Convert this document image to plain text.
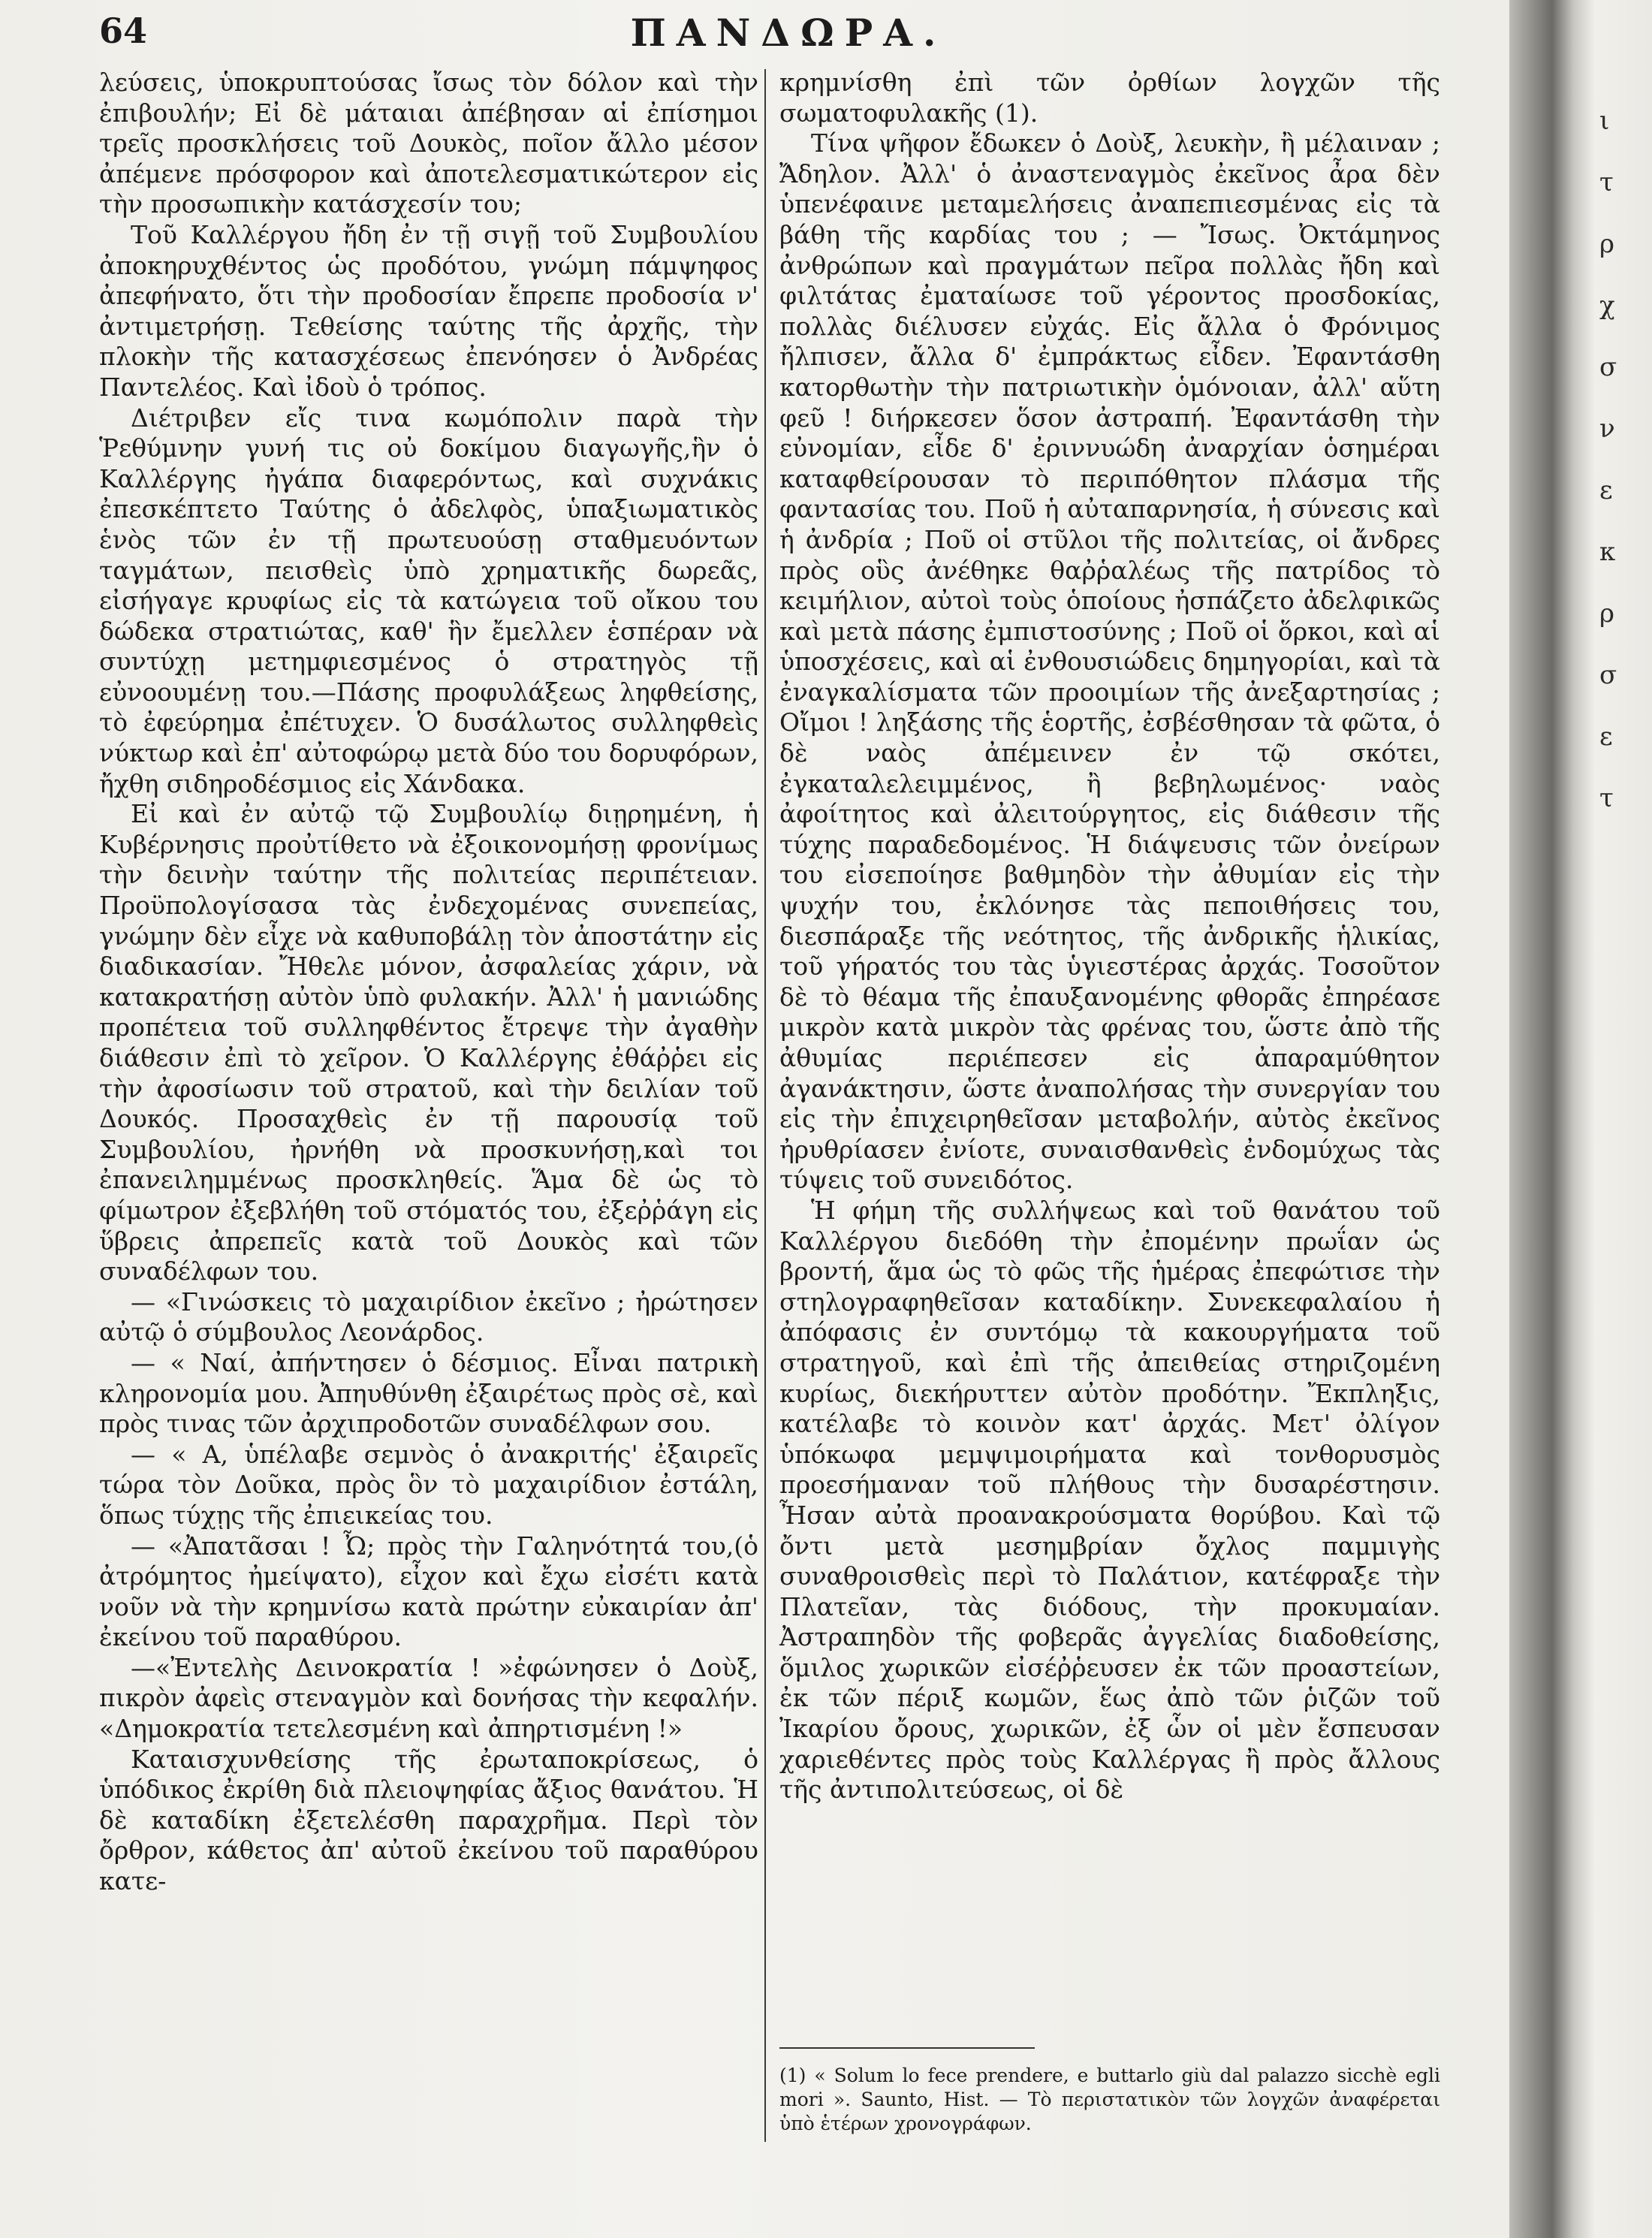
64	ΠΑΝΔΩΡΑ.

λεύσεις, ὑποκρυπτούσας ἴσως τὸν δόλον καὶ τὴν ἐπιβουλήν; Εἰ δὲ μάταιαι ἀπέβησαν αἱ ἐπίσημοι τρεῖς προσκλήσεις τοῦ Δουκὸς, ποῖον ἄλλο μέσον ἀπέμενε πρόσφορον καὶ ἀποτελεσματικώτερον εἰς τὴν προσωπικὴν κατάσχεσίν του;

Τοῦ Καλλέργου ἤδη ἐν τῇ σιγῇ τοῦ Συμβουλίου ἀποκηρυχθέντος ὡς προδότου, γνώμη πάμψηφος ἀπεφήνατο, ὅτι τὴν προδοσίαν ἔπρεπε προδοσία ν' ἀντιμετρήσῃ. Τεθείσης ταύτης τῆς ἀρχῆς, τὴν πλοκὴν τῆς κατασχέσεως ἐπενόησεν ὁ Ἀνδρέας Παντελέος. Καὶ ἰδοὺ ὁ τρόπος.

Διέτριβεν εἴς τινα κωμόπολιν παρὰ τὴν Ῥεθύμνην γυνή τις οὐ δοκίμου διαγωγῆς,ἣν ὁ Καλλέργης ἠγάπα διαφερόντως, καὶ συχνάκις ἐπεσκέπτετο Ταύτης ὁ ἀδελφὸς, ὑπαξιωματικὸς ἑνὸς τῶν ἐν τῇ πρωτευούσῃ σταθμευόντων ταγμάτων, πεισθεὶς ὑπὸ χρηματικῆς δωρεᾶς, εἰσήγαγε κρυφίως εἰς τὰ κατώγεια τοῦ οἴκου του δώδεκα στρατιώτας, καθ' ἣν ἔμελλεν ἑσπέραν νὰ συντύχῃ μετημφιεσμένος ὁ στρατηγὸς τῇ εὐνοουμένῃ του.—Πάσης προφυλάξεως ληφθείσης, τὸ ἐφεύρημα ἐπέτυχεν. Ὁ δυσάλωτος συλληφθεὶς νύκτωρ καὶ ἐπ' αὐτοφώρῳ μετὰ δύο του δορυφόρων, ἤχθη σιδηροδέσμιος εἰς Χάνδακα.

Εἰ καὶ ἐν αὐτῷ τῷ Συμβουλίῳ διῃρημένη, ἡ Κυβέρνησις προὐτίθετο νὰ ἐξοικονομήσῃ φρονίμως τὴν δεινὴν ταύτην τῆς πολιτείας περιπέτειαν. Προϋπολογίσασα τὰς ἐνδεχομένας συνεπείας, γνώμην δὲν εἶχε νὰ καθυποβάλῃ τὸν ἀποστάτην εἰς διαδικασίαν. Ἤθελε μόνον, ἀσφαλείας χάριν, νὰ κατακρατήσῃ αὐτὸν ὑπὸ φυλακήν. Ἀλλ' ἡ μανιώδης προπέτεια τοῦ συλληφθέντος ἔτρεψε τὴν ἀγαθὴν διάθεσιν ἐπὶ τὸ χεῖρον. Ὁ Καλλέργης ἐθάῤῥει εἰς τὴν ἀφοσίωσιν τοῦ στρατοῦ, καὶ τὴν δειλίαν τοῦ Δουκός. Προσαχθεὶς ἐν τῇ παρουσίᾳ τοῦ Συμβουλίου, ἠρνήθη νὰ προσκυνήσῃ,καὶ τοι ἐπανειλημμένως προσκληθείς. Ἅμα δὲ ὡς τὸ φίμωτρον ἐξεβλήθη τοῦ στόματός του, ἐξεῤῥάγη εἰς ὕβρεις ἀπρεπεῖς κατὰ τοῦ Δουκὸς καὶ τῶν συναδέλφων του.

— «Γινώσκεις τὸ μαχαιρίδιον ἐκεῖνο ; ἠρώτησεν αὐτῷ ὁ σύμβουλος Λεονάρδος.

— « Ναί, ἀπήντησεν ὁ δέσμιος. Εἶναι πατρικὴ κληρονομία μου. Ἀπηυθύνθη ἐξαιρέτως πρὸς σὲ, καὶ πρὸς τινας τῶν ἀρχιπροδοτῶν συναδέλφων σου.

— « Α, ὑπέλαβε σεμνὸς ὁ ἀνακριτής' ἐξαιρεῖς τώρα τὸν Δοῦκα, πρὸς ὃν τὸ μαχαιρίδιον ἐστάλη, ὅπως τύχῃς τῆς ἐπιεικείας του.

— «Ἀπατᾶσαι ! Ὦ; πρὸς τὴν Γαληνότητά του,(ὁ ἀτρόμητος ἠμείψατο), εἶχον καὶ ἔχω εἰσέτι κατὰ νοῦν νὰ τὴν κρημνίσω κατὰ πρώτην εὐκαιρίαν ἀπ' ἐκείνου τοῦ παραθύρου.

—«Ἐντελὴς Δεινοκρατία ! »ἐφώνησεν ὁ Δοὺξ, πικρὸν ἀφεὶς στεναγμὸν καὶ δονήσας τὴν κεφαλήν. «Δημοκρατία τετελεσμένη καὶ ἀπηρτισμένη !»

Καταισχυνθείσης τῆς ἐρωταποκρίσεως, ὁ ὑπόδικος ἐκρίθη διὰ πλειοψηφίας ἄξιος θανάτου. Ἡ δὲ καταδίκη ἐξετελέσθη παραχρῆμα. Περὶ τὸν ὄρθρον, κάθετος ἀπ' αὐτοῦ ἐκείνου τοῦ παραθύρου κατε-

κρημνίσθη ἐπὶ τῶν ὀρθίων λογχῶν τῆς σωματοφυλακῆς (1).

Τίνα ψῆφον ἔδωκεν ὁ Δοὺξ, λευκὴν, ἢ μέλαιναν ; Ἄδηλον. Ἀλλ' ὁ ἀναστεναγμὸς ἐκεῖνος ἆρα δὲν ὑπενέφαινε μεταμελήσεις ἀναπεπιεσμένας εἰς τὰ βάθη τῆς καρδίας του ; — Ἴσως. Ὀκτάμηνος ἀνθρώπων καὶ πραγμάτων πεῖρα πολλὰς ἤδη καὶ φιλτάτας ἐματαίωσε τοῦ γέροντος προσδοκίας, πολλὰς διέλυσεν εὐχάς. Εἰς ἄλλα ὁ Φρόνιμος ἤλπισεν, ἄλλα δ' ἐμπράκτως εἶδεν. Ἐφαντάσθη κατορθωτὴν τὴν πατριωτικὴν ὁμόνοιαν, ἀλλ' αὕτη φεῦ ! διήρκεσεν ὅσον ἀστραπή. Ἐφαντάσθη τὴν εὐνομίαν, εἶδε δ' ἐριννυώδη ἀναρχίαν ὁσημέραι καταφθείρουσαν τὸ περιπόθητον πλάσμα τῆς φαντασίας του. Ποῦ ἡ αὐταπαρνησία, ἡ σύνεσις καὶ ἡ ἀνδρία ; Ποῦ οἱ στῦλοι τῆς πολιτείας, οἱ ἄνδρες πρὸς οὓς ἀνέθηκε θαῤῥαλέως τῆς πατρίδος τὸ κειμήλιον, αὐτοὶ τοὺς ὁποίους ἠσπάζετο ἀδελφικῶς καὶ μετὰ πάσης ἐμπιστοσύνης ; Ποῦ οἱ ὅρκοι, καὶ αἱ ὑποσχέσεις, καὶ αἱ ἐνθουσιώδεις δημηγορίαι, καὶ τὰ ἐναγκαλίσματα τῶν προοιμίων τῆς ἀνεξαρτησίας ; Οἴμοι ! ληξάσης τῆς ἑορτῆς, ἐσβέσθησαν τὰ φῶτα, ὁ δὲ ναὸς ἀπέμεινεν ἐν τῷ σκότει, ἐγκαταλελειμμένος, ἢ βεβηλωμένος· ναὸς ἀφοίτητος καὶ ἀλειτούργητος, εἰς διάθεσιν τῆς τύχης παραδεδομένος. Ἡ διάψευσις τῶν ὀνείρων του εἰσεποίησε βαθμηδὸν τὴν ἀθυμίαν εἰς τὴν ψυχήν του, ἐκλόνησε τὰς πεποιθήσεις του, διεσπάραξε τῆς νεότητος, τῆς ἀνδρικῆς ἡλικίας, τοῦ γήρατός του τὰς ὑγιεστέρας ἀρχάς. Τοσοῦτον δὲ τὸ θέαμα τῆς ἐπαυξανομένης φθορᾶς ἐπηρέασε μικρὸν κατὰ μικρὸν τὰς φρένας του, ὥστε ἀπὸ τῆς ἀθυμίας περιέπεσεν εἰς ἀπαραμύθητον ἀγανάκτησιν, ὥστε ἀναπολήσας τὴν συνεργίαν του εἰς τὴν ἐπιχειρηθεῖσαν μεταβολήν, αὐτὸς ἐκεῖνος ἠρυθρίασεν ἐνίοτε, συναισθανθεὶς ἐνδομύχως τὰς τύψεις τοῦ συνειδότος.

Ἡ φήμη τῆς συλλήψεως καὶ τοῦ θανάτου τοῦ Καλλέργου διεδόθη τὴν ἐπομένην πρωΐαν ὡς βροντή, ἅμα ὡς τὸ φῶς τῆς ἡμέρας ἐπεφώτισε τὴν στηλογραφηθεῖσαν καταδίκην. Συνεκεφαλαίου ἡ ἀπόφασις ἐν συντόμῳ τὰ κακουργήματα τοῦ στρατηγοῦ, καὶ ἐπὶ τῆς ἀπειθείας στηριζομένη κυρίως, διεκήρυττεν αὐτὸν προδότην. Ἔκπληξις, κατέλαβε τὸ κοινὸν κατ' ἀρχάς. Μετ' ὀλίγον ὑπόκωφα μεμψιμοιρήματα καὶ τονθορυσμὸς προεσήμαναν τοῦ πλήθους τὴν δυσαρέστησιν. Ἦσαν αὐτὰ προανακρούσματα θορύβου. Καὶ τῷ ὄντι μετὰ μεσημβρίαν ὄχλος παμμιγὴς συναθροισθεὶς περὶ τὸ Παλάτιον, κατέφραξε τὴν Πλατεῖαν, τὰς διόδους, τὴν προκυμαίαν. Ἀστραπηδὸν τῆς φοβερᾶς ἀγγελίας διαδοθείσης, ὅμιλος χωρικῶν εἰσέῤῥευσεν ἐκ τῶν προαστείων, ἐκ τῶν πέριξ κωμῶν, ἕως ἀπὸ τῶν ῥιζῶν τοῦ Ἰκαρίου ὄρους, χωρικῶν, ἐξ ὧν οἱ μὲν ἔσπευσαν χαριεθέντες πρὸς τοὺς Καλλέργας ἢ πρὸς ἄλλους τῆς ἀντιπολιτεύσεως, οἱ δὲ

(1) « Solum lo fece prendere, e buttarlo giù dal palazzo sicchè egli mori ». Saunto, Hist. — Τὸ περιστατικὸν τῶν λογχῶν ἀναφέρεται ὑπὸ ἑτέρων χρονογράφων.

ι
τ
ρ
χ
σ
ν
ε
κ
ρ
σ
ε
τ
